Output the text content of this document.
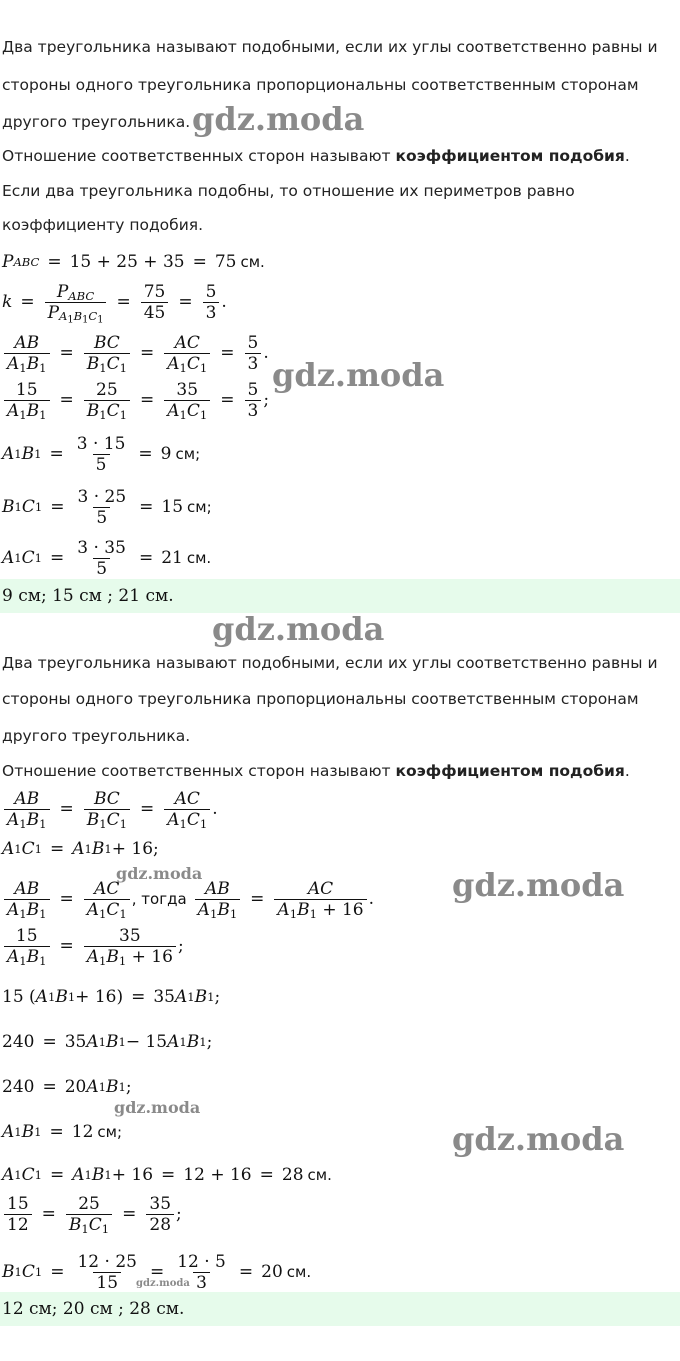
Два треугольника называют подобными, если их углы соответственно равны и
стороны одного треугольника пропорциональны соответственным сторонам
другого треугольника. gdz.moda
Отношение соответственных сторон называют коэффициентом подобия.
Если два треугольника подобны, то отношение их периметров равно
коэффициенту подобия.
P ABC = 15 + 25 + 35 = 75 см.
$k = \frac{P_{ABC}}{P_{A_1B_1C_1}} = \frac{75}{45} = \frac{5}{3}$ .
$\frac{AB}{A_1B_1} = \frac{BC}{B_1C_1} = \frac{AC}{A_1C_1} = \frac{5}{3}$ .
gdz.moda
$\frac{15}{A_1B_1} = \frac{25}{B_1C_1} = \frac{35}{A_1C_1} = \frac{5}{3}$ ;
A 1 B $1 = \frac{3 \cdot 15}{5} = 9$ см;
B 1 C $1 = \frac{3 \cdot 25}{5} = 15$ см;
A 1 C $1 = \frac{3 \cdot 35}{5} = 21$ см.
9 см; 15 см ; 21 см.
gdz.moda
Два треугольника называют подобными, если их углы соответственно равны и
стороны одного треугольника пропорциональны соответственным сторонам
другого треугольника.
Отношение соответственных сторон называют коэффициентом подобия.
$\frac{AB}{A_1B_1} = \frac{BC}{B_1C_1} = \frac{AC}{A_1C_1}$ .
A 1 C 1 = A 1 B 1 + 16;
$\frac{AB}{A_1B_1} = \frac{AC}{A_1C_1}$ , тогда $\frac{AB}{A_1B_1} = \frac{AC}{A_1B_1 + 16}$ .
gdz.moda	gdz.moda
$\frac{15}{A_1B_1} = \frac{35}{A_1B_1 + 16}$ ;
15 ( A 1 B 1 + 16) = 35 A 1 B 1 ;
240 = 35 A 1 B 1 − 15 A 1 B 1 ;
240 = 20 A 1 B 1 ;
gdz.moda
A 1 B 1 = 12 см;	gdz.moda
A 1 C 1 = A 1 B 1 + 16 = 12 + 16 = 28 см.
$\frac{15}{12} = \frac{25}{B_1C_1} = \frac{35}{28}$ ;
B 1 C $1 = \frac{12 \cdot 25}{15} = \frac{12 \cdot 5}{3} = 20$ см.
gdz.moda
12 см; 20 см ; 28 см.
